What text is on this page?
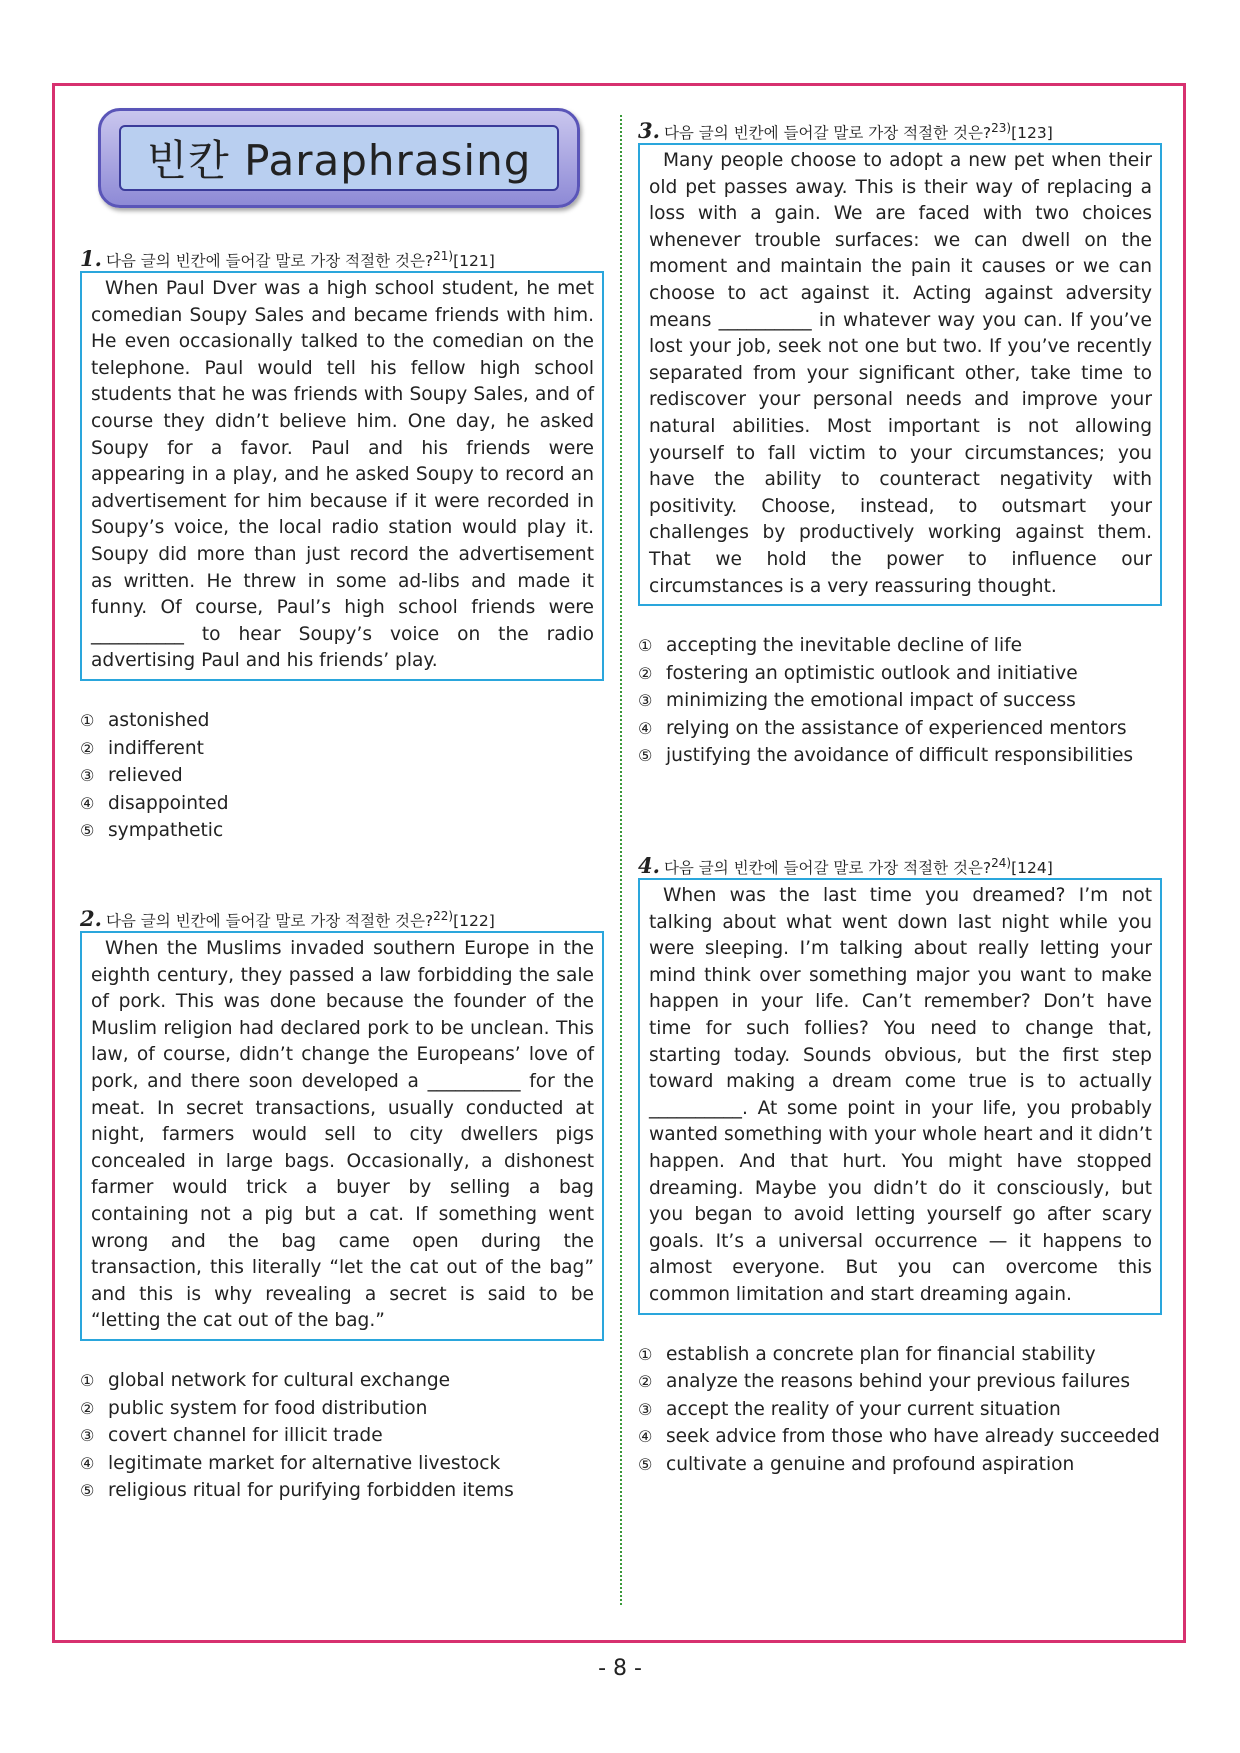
빈칸 Paraphrasing
1. 다음 글의 빈칸에 들어갈 말로 가장 적절한 것은?$^{21)}$[121]

When Paul Dver was a high school student, he met comedian Soupy Sales and became friends with him. He even occasionally talked to the comedian on the telephone. Paul would tell his fellow high school students that he was friends with Soupy Sales, and of course they didn’t believe him. One day, he asked Soupy for a favor. Paul and his friends were appearing in a play, and he asked Soupy to record an advertisement for him because if it were recorded in Soupy’s voice, the local radio station would play it. Soupy did more than just record the advertisement as written. He threw in some ad-libs and made it funny. Of course, Paul’s high school friends were __________ to hear Soupy’s voice on the radio advertising Paul and his friends’ play.

① astonished
② indifferent
③ relieved
④ disappointed
⑤ sympathetic
2. 다음 글의 빈칸에 들어갈 말로 가장 적절한 것은?$^{22)}$[122]

When the Muslims invaded southern Europe in the eighth century, they passed a law forbidding the sale of pork. This was done because the founder of the Muslim religion had declared pork to be unclean. This law, of course, didn’t change the Europeans’ love of pork, and there soon developed a __________ for the meat. In secret transactions, usually conducted at night, farmers would sell to city dwellers pigs concealed in large bags. Occasionally, a dishonest farmer would trick a buyer by selling a bag containing not a pig but a cat. If something went wrong and the bag came open during the transaction, this literally “let the cat out of the bag” and this is why revealing a secret is said to be “letting the cat out of the bag.”

① global network for cultural exchange
② public system for food distribution
③ covert channel for illicit trade
④ legitimate market for alternative livestock
⑤ religious ritual for purifying forbidden items
3. 다음 글의 빈칸에 들어갈 말로 가장 적절한 것은?$^{23)}$[123]

Many people choose to adopt a new pet when their old pet passes away. This is their way of replacing a loss with a gain. We are faced with two choices whenever trouble surfaces: we can dwell on the moment and maintain the pain it causes or we can choose to act against it. Acting against adversity means __________ in whatever way you can. If you’ve lost your job, seek not one but two. If you’ve recently separated from your significant other, take time to rediscover your personal needs and improve your natural abilities. Most important is not allowing yourself to fall victim to your circumstances; you have the ability to counteract negativity with positivity. Choose, instead, to outsmart your challenges by productively working against them. That we hold the power to influence our circumstances is a very reassuring thought.

① accepting the inevitable decline of life
② fostering an optimistic outlook and initiative
③ minimizing the emotional impact of success
④ relying on the assistance of experienced mentors
⑤ justifying the avoidance of difficult responsibilities
4. 다음 글의 빈칸에 들어갈 말로 가장 적절한 것은?$^{24)}$[124]

When was the last time you dreamed? I’m not talking about what went down last night while you were sleeping. I’m talking about really letting your mind think over something major you want to make happen in your life. Can’t remember? Don’t have time for such follies? You need to change that, starting today. Sounds obvious, but the first step toward making a dream come true is to actually __________. At some point in your life, you probably wanted something with your whole heart and it didn’t happen. And that hurt. You might have stopped dreaming. Maybe you didn’t do it consciously, but you began to avoid letting yourself go after scary goals. It’s a universal occurrence — it happens to almost everyone. But you can overcome this common limitation and start dreaming again.

① establish a concrete plan for financial stability
② analyze the reasons behind your previous failures
③ accept the reality of your current situation
④ seek advice from those who have already succeeded
⑤ cultivate a genuine and profound aspiration
- 8 -
